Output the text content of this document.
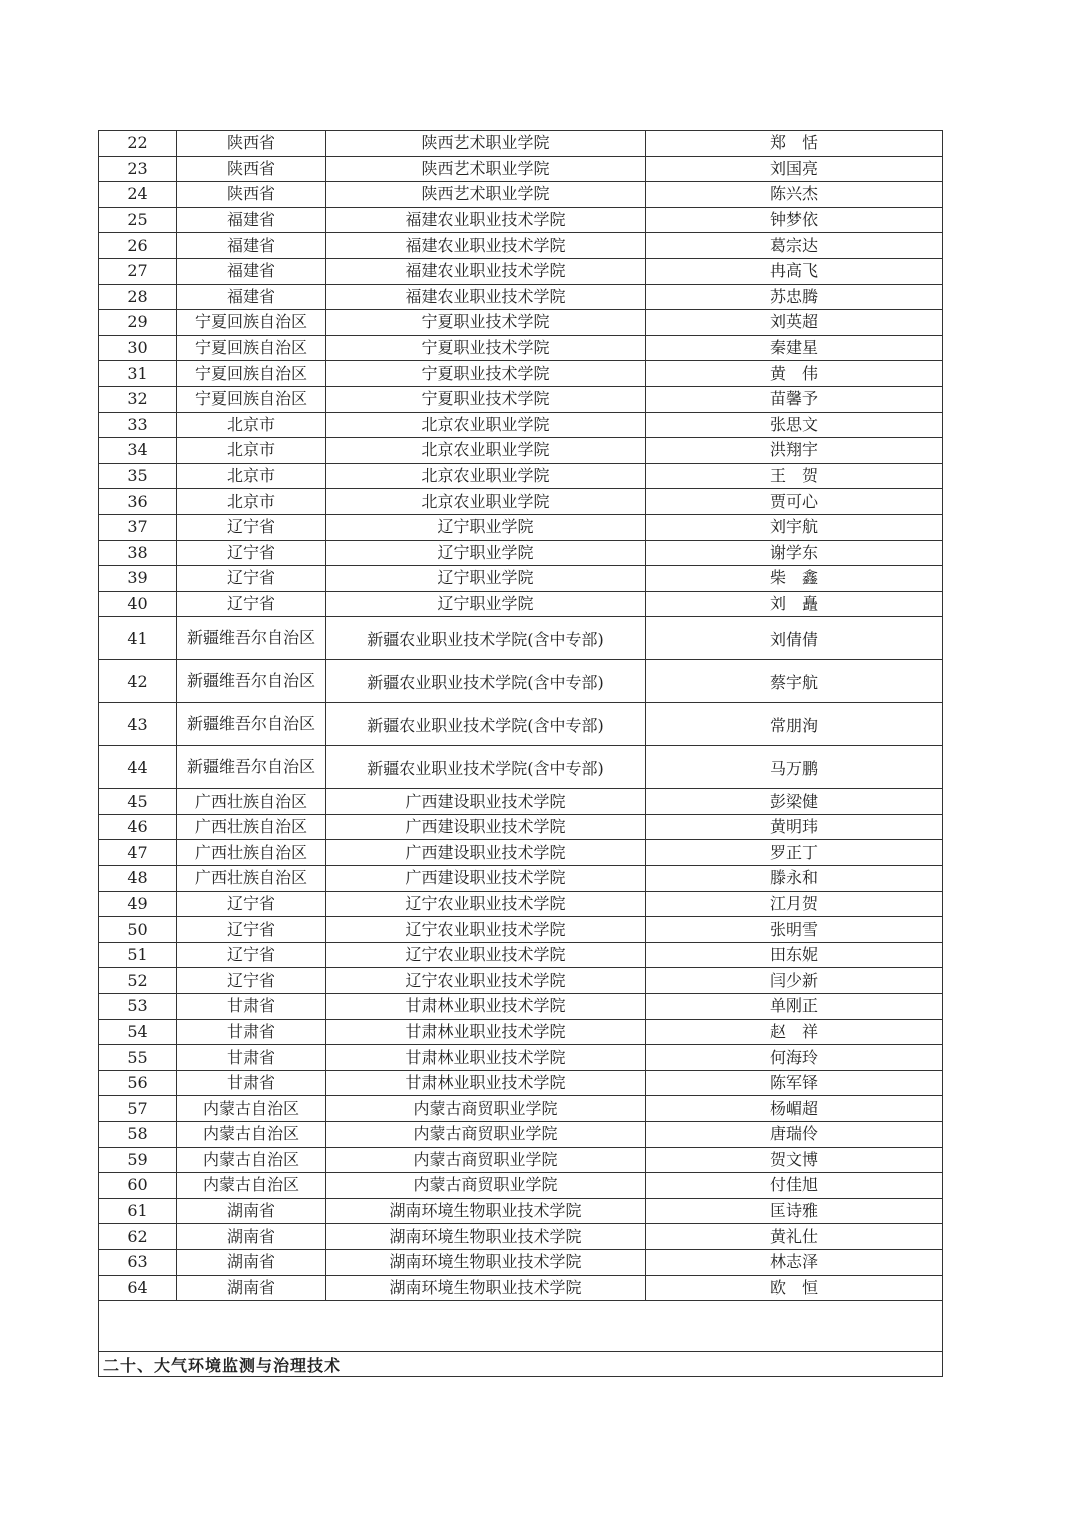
22	陕西省	陕西艺术职业学院	郑　恬
23	陕西省	陕西艺术职业学院	刘国亮
24	陕西省	陕西艺术职业学院	陈兴杰
25	福建省	福建农业职业技术学院	钟梦依
26	福建省	福建农业职业技术学院	葛宗达
27	福建省	福建农业职业技术学院	冉高飞
28	福建省	福建农业职业技术学院	苏忠腾
29	宁夏回族自治区	宁夏职业技术学院	刘英超
30	宁夏回族自治区	宁夏职业技术学院	秦建星
31	宁夏回族自治区	宁夏职业技术学院	黄　伟
32	宁夏回族自治区	宁夏职业技术学院	苗馨予
33	北京市	北京农业职业学院	张思文
34	北京市	北京农业职业学院	洪翔宇
35	北京市	北京农业职业学院	王　贺
36	北京市	北京农业职业学院	贾可心
37	辽宁省	辽宁职业学院	刘宇航
38	辽宁省	辽宁职业学院	谢学东
39	辽宁省	辽宁职业学院	柴　鑫
40	辽宁省	辽宁职业学院	刘　矗
41	新疆维吾尔自治区	新疆农业职业技术学院(含中专部)	刘倩倩
42	新疆维吾尔自治区	新疆农业职业技术学院(含中专部)	蔡宇航
43	新疆维吾尔自治区	新疆农业职业技术学院(含中专部)	常朋洵
44	新疆维吾尔自治区	新疆农业职业技术学院(含中专部)	马万鹏
45	广西壮族自治区	广西建设职业技术学院	彭梁健
46	广西壮族自治区	广西建设职业技术学院	黄明玮
47	广西壮族自治区	广西建设职业技术学院	罗正丁
48	广西壮族自治区	广西建设职业技术学院	滕永和
49	辽宁省	辽宁农业职业技术学院	江月贺
50	辽宁省	辽宁农业职业技术学院	张明雪
51	辽宁省	辽宁农业职业技术学院	田东妮
52	辽宁省	辽宁农业职业技术学院	闫少新
53	甘肃省	甘肃林业职业技术学院	单刚正
54	甘肃省	甘肃林业职业技术学院	赵　祥
55	甘肃省	甘肃林业职业技术学院	何海玲
56	甘肃省	甘肃林业职业技术学院	陈军铎
57	内蒙古自治区	内蒙古商贸职业学院	杨嵋超
58	内蒙古自治区	内蒙古商贸职业学院	唐瑞伶
59	内蒙古自治区	内蒙古商贸职业学院	贺文博
60	内蒙古自治区	内蒙古商贸职业学院	付佳旭
61	湖南省	湖南环境生物职业技术学院	匡诗雅
62	湖南省	湖南环境生物职业技术学院	黄礼仕
63	湖南省	湖南环境生物职业技术学院	林志泽
64	湖南省	湖南环境生物职业技术学院	欧　恒

二十、大气环境监测与治理技术			
